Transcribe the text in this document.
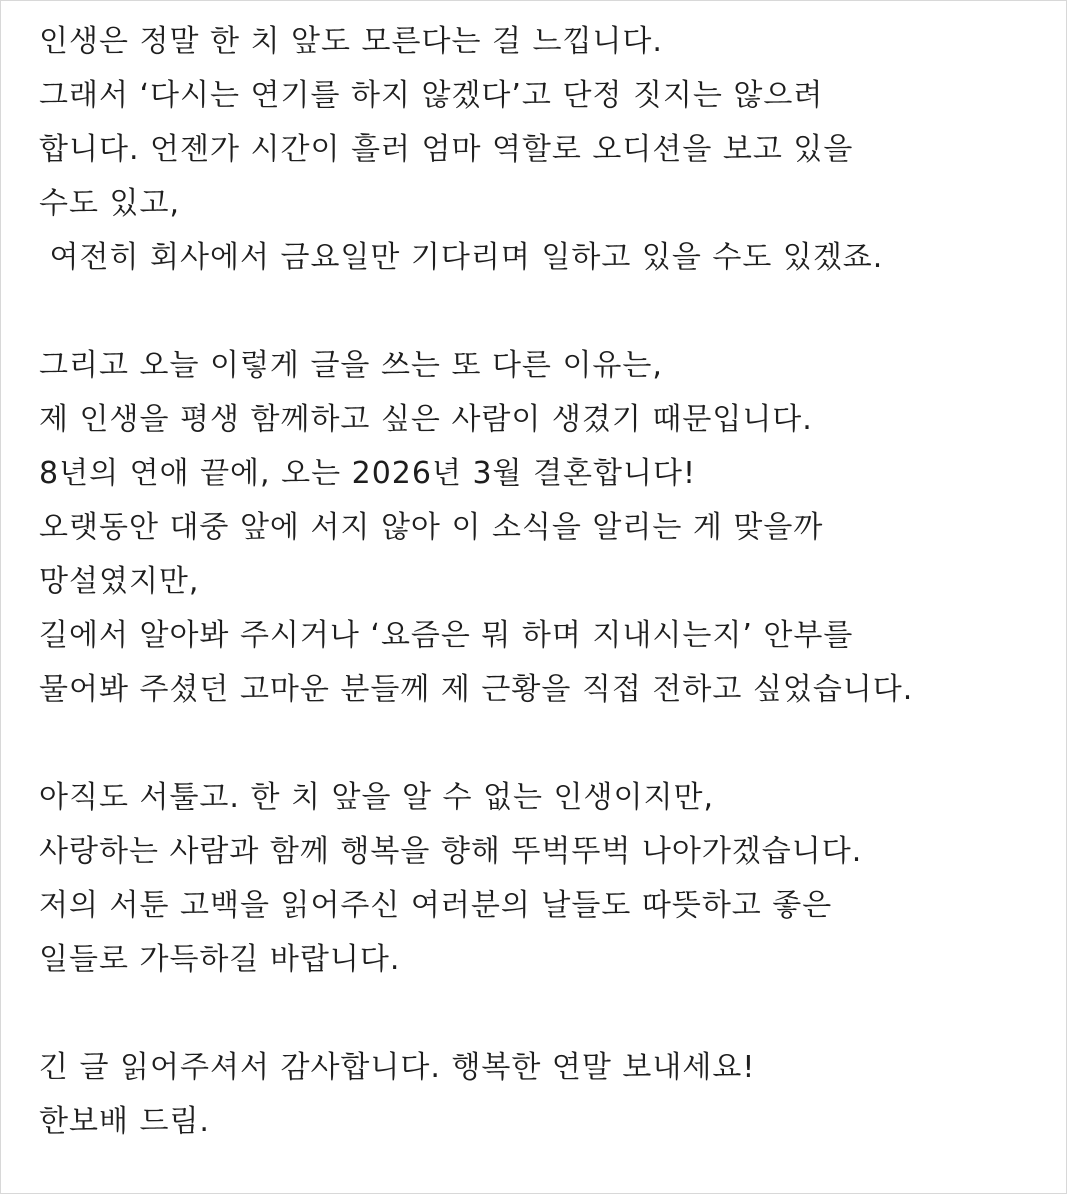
인생은 정말 한 치 앞도 모른다는 걸 느낍니다.
그래서 ‘다시는 연기를 하지 않겠다’고 단정 짓지는 않으려
합니다. 언젠가 시간이 흘러 엄마 역할로 오디션을 보고 있을
수도 있고,
여전히 회사에서 금요일만 기다리며 일하고 있을 수도 있겠죠.
그리고 오늘 이렇게 글을 쓰는 또 다른 이유는,
제 인생을 평생 함께하고 싶은 사람이 생겼기 때문입니다.
8년의 연애 끝에, 오는 2026년 3월 결혼합니다!
오랫동안 대중 앞에 서지 않아 이 소식을 알리는 게 맞을까
망설였지만,
길에서 알아봐 주시거나 ‘요즘은 뭐 하며 지내시는지’ 안부를
물어봐 주셨던 고마운 분들께 제 근황을 직접 전하고 싶었습니다.
아직도 서툴고. 한 치 앞을 알 수 없는 인생이지만,
사랑하는 사람과 함께 행복을 향해 뚜벅뚜벅 나아가겠습니다.
저의 서툰 고백을 읽어주신 여러분의 날들도 따뜻하고 좋은
일들로 가득하길 바랍니다.
긴 글 읽어주셔서 감사합니다. 행복한 연말 보내세요!
한보배 드림.
